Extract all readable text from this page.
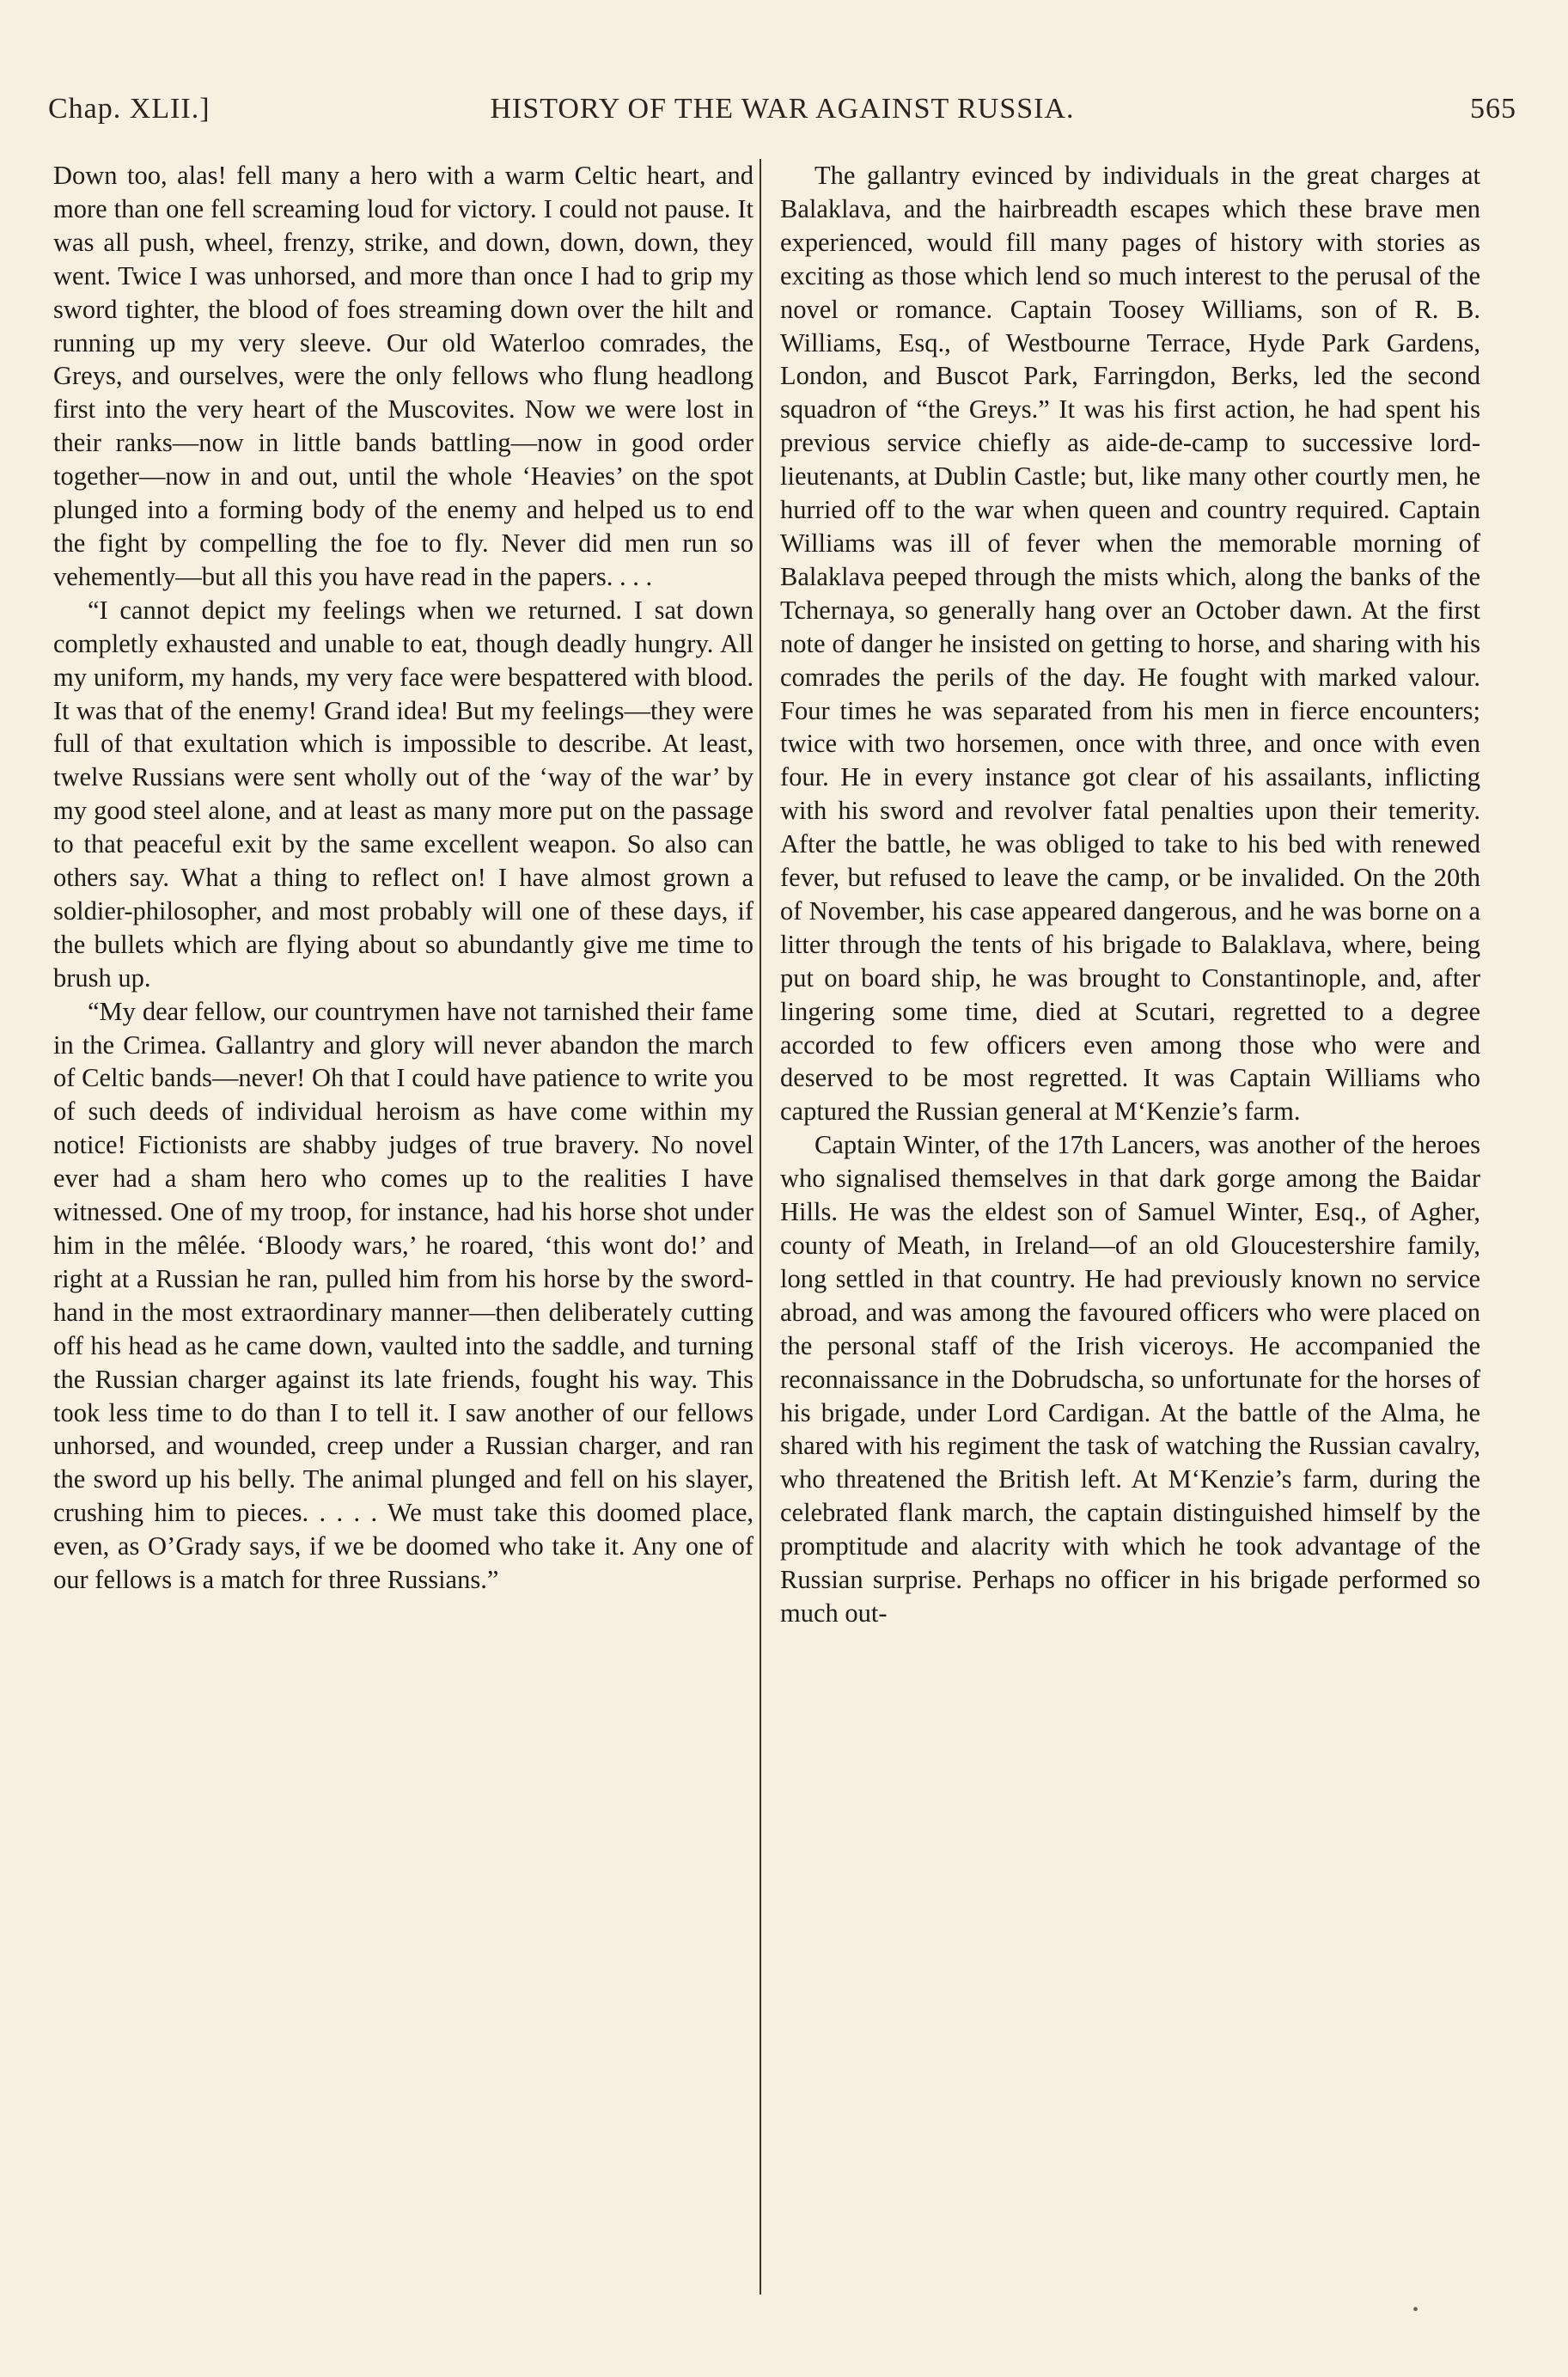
Chap. XLII.]	HISTORY OF THE WAR AGAINST RUSSIA.	565

Down too, alas! fell many a hero with a warm Celtic heart, and more than one fell screaming loud for victory. I could not pause. It was all push, wheel, frenzy, strike, and down, down, down, they went. Twice I was unhorsed, and more than once I had to grip my sword tighter, the blood of foes streaming down over the hilt and running up my very sleeve. Our old Waterloo comrades, the Greys, and ourselves, were the only fellows who flung headlong first into the very heart of the Muscovites. Now we were lost in their ranks—now in little bands battling—now in good order together—now in and out, until the whole ‘Heavies’ on the spot plunged into a forming body of the enemy and helped us to end the fight by compelling the foe to fly. Never did men run so vehemently—but all this you have read in the papers. . . .

“I cannot depict my feelings when we returned. I sat down completly exhausted and unable to eat, though deadly hungry. All my uniform, my hands, my very face were bespattered with blood. It was that of the enemy! Grand idea! But my feelings—they were full of that exultation which is impossible to describe. At least, twelve Russians were sent wholly out of the ‘way of the war’ by my good steel alone, and at least as many more put on the passage to that peaceful exit by the same excellent weapon. So also can others say. What a thing to reflect on! I have almost grown a soldier-philosopher, and most probably will one of these days, if the bullets which are flying about so abundantly give me time to brush up.

“My dear fellow, our countrymen have not tarnished their fame in the Crimea. Gallantry and glory will never abandon the march of Celtic bands—never! Oh that I could have patience to write you of such deeds of individual heroism as have come within my notice! Fictionists are shabby judges of true bravery. No novel ever had a sham hero who comes up to the realities I have witnessed. One of my troop, for instance, had his horse shot under him in the mêlée. ‘Bloody wars,’ he roared, ‘this wont do!’ and right at a Russian he ran, pulled him from his horse by the sword-hand in the most extraordinary manner—then deliberately cutting off his head as he came down, vaulted into the saddle, and turning the Russian charger against its late friends, fought his way. This took less time to do than I to tell it. I saw another of our fellows unhorsed, and wounded, creep under a Russian charger, and ran the sword up his belly. The animal plunged and fell on his slayer, crushing him to pieces. . . . . We must take this doomed place, even, as O’Grady says, if we be doomed who take it. Any one of our fellows is a match for three Russians.”

The gallantry evinced by individuals in the great charges at Balaklava, and the hairbreadth escapes which these brave men experienced, would fill many pages of history with stories as exciting as those which lend so much interest to the perusal of the novel or romance. Captain Toosey Williams, son of R. B. Williams, Esq., of Westbourne Terrace, Hyde Park Gardens, London, and Buscot Park, Farringdon, Berks, led the second squadron of “the Greys.” It was his first action, he had spent his previous service chiefly as aide-de-camp to successive lord-lieutenants, at Dublin Castle; but, like many other courtly men, he hurried off to the war when queen and country required. Captain Williams was ill of fever when the memorable morning of Balaklava peeped through the mists which, along the banks of the Tchernaya, so generally hang over an October dawn. At the first note of danger he insisted on getting to horse, and sharing with his comrades the perils of the day. He fought with marked valour. Four times he was separated from his men in fierce encounters; twice with two horsemen, once with three, and once with even four. He in every instance got clear of his assailants, inflicting with his sword and revolver fatal penalties upon their temerity. After the battle, he was obliged to take to his bed with renewed fever, but refused to leave the camp, or be invalided. On the 20th of November, his case appeared dangerous, and he was borne on a litter through the tents of his brigade to Balaklava, where, being put on board ship, he was brought to Constantinople, and, after lingering some time, died at Scutari, regretted to a degree accorded to few officers even among those who were and deserved to be most regretted. It was Captain Williams who captured the Russian general at M‘Kenzie’s farm.

Captain Winter, of the 17th Lancers, was another of the heroes who signalised themselves in that dark gorge among the Baidar Hills. He was the eldest son of Samuel Winter, Esq., of Agher, county of Meath, in Ireland—of an old Gloucestershire family, long settled in that country. He had previously known no service abroad, and was among the favoured officers who were placed on the personal staff of the Irish viceroys. He accompanied the reconnaissance in the Dobrudscha, so unfortunate for the horses of his brigade, under Lord Cardigan. At the battle of the Alma, he shared with his regiment the task of watching the Russian cavalry, who threatened the British left. At M‘Kenzie’s farm, during the celebrated flank march, the captain distinguished himself by the promptitude and alacrity with which he took advantage of the Russian surprise. Perhaps no officer in his brigade performed so much out-

•
